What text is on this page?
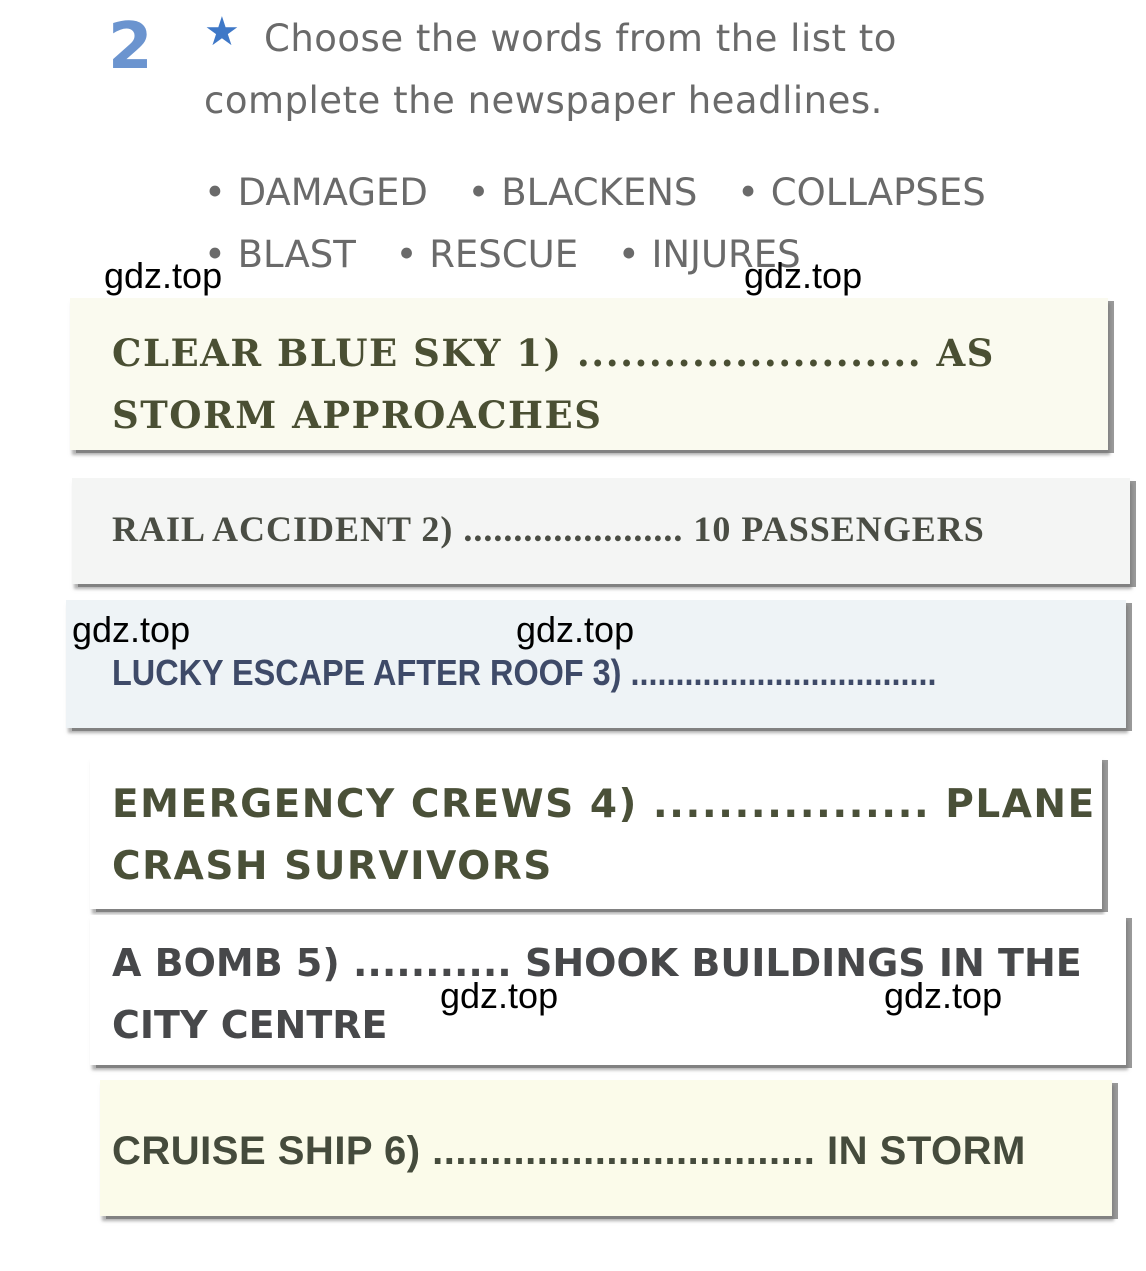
2 ★ Choose the words from the list to complete the newspaper headlines.
• DAMAGED • BLACKENS • COLLAPSES
• BLAST • RESCUE • INJURES
CLEAR BLUE SKY 1) ........................ AS
STORM APPROACHES
RAIL ACCIDENT 2) ...................... 10 PASSENGERS
LUCKY ESCAPE AFTER ROOF 3) ..................................
EMERGENCY CREWS 4) ................. PLANE
CRASH SURVIVORS
A BOMB 5) ........... SHOOK BUILDINGS IN THE
CITY CENTRE
CRUISE SHIP 6) ................................. IN STORM
gdz.top	gdz.top
gdz.top	gdz.top
gdz.top	gdz.top
